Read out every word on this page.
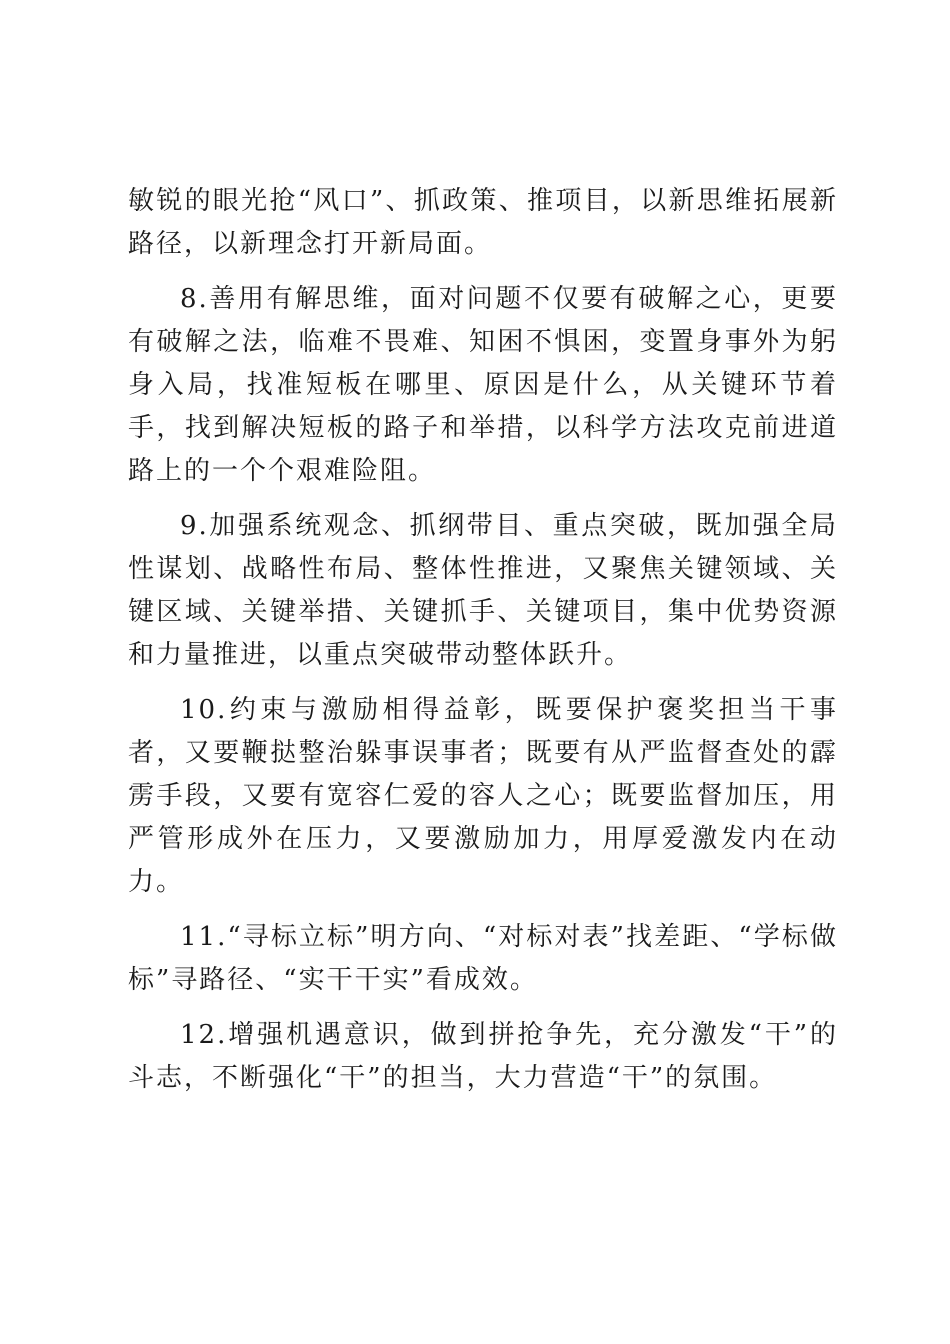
敏锐的眼光抢“风口”、抓政策、推项目，以新思维拓展新路径，以新理念打开新局面。

8.善用有解思维，面对问题不仅要有破解之心，更要有破解之法，临难不畏难、知困不惧困，变置身事外为躬身入局，找准短板在哪里、原因是什么，从关键环节着手，找到解决短板的路子和举措，以科学方法攻克前进道路上的一个个艰难险阻。

9.加强系统观念、抓纲带目、重点突破，既加强全局性谋划、战略性布局、整体性推进，又聚焦关键领域、关键区域、关键举措、关键抓手、关键项目，集中优势资源和力量推进，以重点突破带动整体跃升。

10.约束与激励相得益彰，既要保护褒奖担当干事者，又要鞭挞整治躲事误事者；既要有从严监督查处的霹雳手段，又要有宽容仁爱的容人之心；既要监督加压，用严管形成外在压力，又要激励加力，用厚爱激发内在动力。

11.“寻标立标”明方向、“对标对表”找差距、“学标做标”寻路径、“实干干实”看成效。

12.增强机遇意识，做到拼抢争先，充分激发“干”的斗志，不断强化“干”的担当，大力营造“干”的氛围。
